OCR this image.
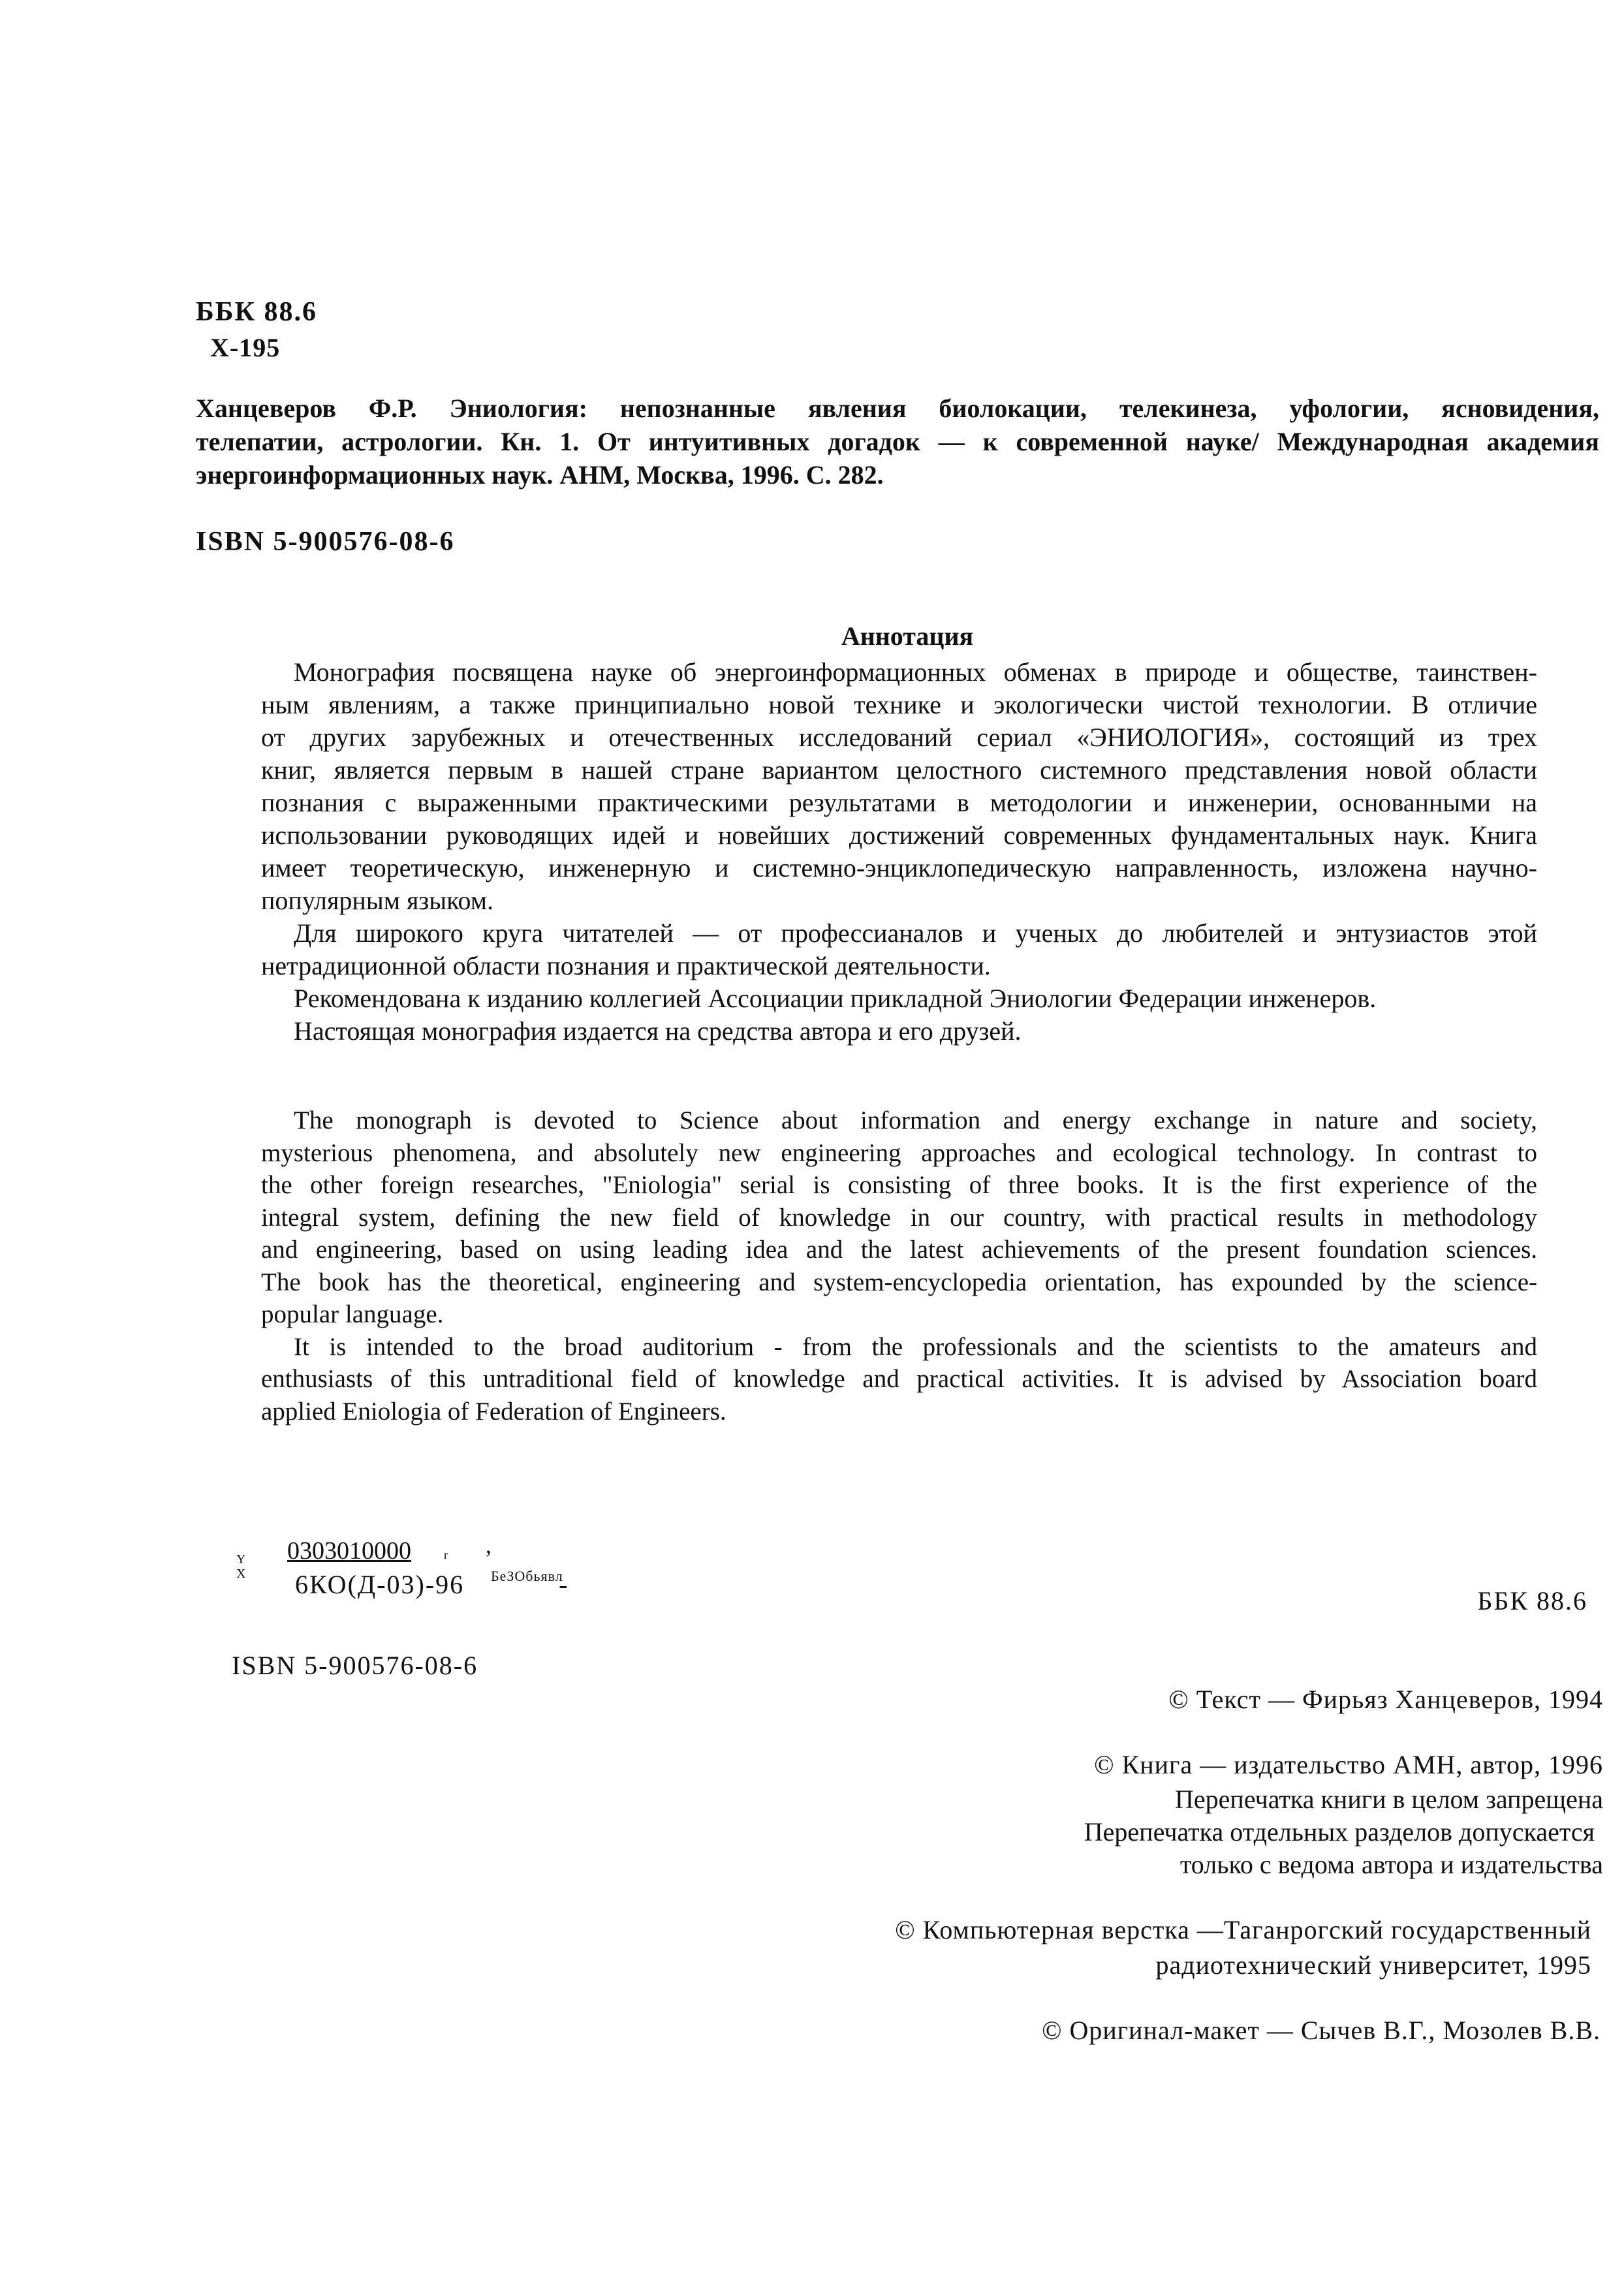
ББК 88.6
Х-195
Ханцеверов Ф.Р. Эниология: непознанные явления биолокации, телекинеза, уфологии, ясновидения,
телепатии, астрологии. Кн. 1. От интуитивных догадок — к современной науке/ Международная академия
энергоинформационных наук. АНМ, Москва, 1996. С. 282.
ISBN 5-900576-08-6
Аннотация
Монография посвящена науке об энергоинформационных обменах в природе и обществе, таинствен-
ным явлениям, а также принципиально новой технике и экологически чистой технологии. В отличие
от других зарубежных и отечественных исследований сериал «ЭНИОЛОГИЯ», состоящий из трех
книг, является первым в нашей стране вариантом целостного системного представления новой области
познания с выраженными практическими результатами в методологии и инженерии, основанными на
использовании руководящих идей и новейших достижений современных фундаментальных наук. Книга
имеет теоретическую, инженерную и системно-энциклопедическую направленность, изложена научно-
популярным языком.
Для широкого круга читателей — от профессианалов и ученых до любителей и энтузиастов этой
нетрадиционной области познания и практической деятельности.
Рекомендована к изданию коллегией Ассоциации прикладной Эниологии Федерации инженеров.
Настоящая монография издается на средства автора и его друзей.
The monograph is devoted to Science about information and energy exchange in nature and society,
mysterious phenomena, and absolutely new engineering approaches and ecological technology. In contrast to
the other foreign researches, "Eniologia" serial is consisting of three books. It is the first experience of the
integral system, defining the new field of knowledge in our country, with practical results in methodology
and engineering, based on using leading idea and the latest achievements of the present foundation sciences.
The book has the theoretical, engineering and system-encyclopedia orientation, has expounded by the science-
popular language.
It is intended to the broad auditorium - from the professionals and the scientists to the amateurs and
enthusiasts of this untraditional field of knowledge and practical activities. It is advised by Association board
applied Eniologia of Federation of Engineers.
Y
X
0303010000	r ,
6КО(Д-03)-96	-
БеЗОбьявл
ББК 88.6
ISBN 5-900576-08-6
© Текст — Фирьяз Ханцеверов, 1994
© Книга — издательство АМН, автор, 1996
Перепечатка книги в целом запрещена
Перепечатка отдельных разделов допускается
только с ведома автора и издательства
© Компьютерная верстка —Таганрогский государственный
радиотехнический университет, 1995
© Оригинал-макет — Сычев В.Г., Мозолев В.В.
